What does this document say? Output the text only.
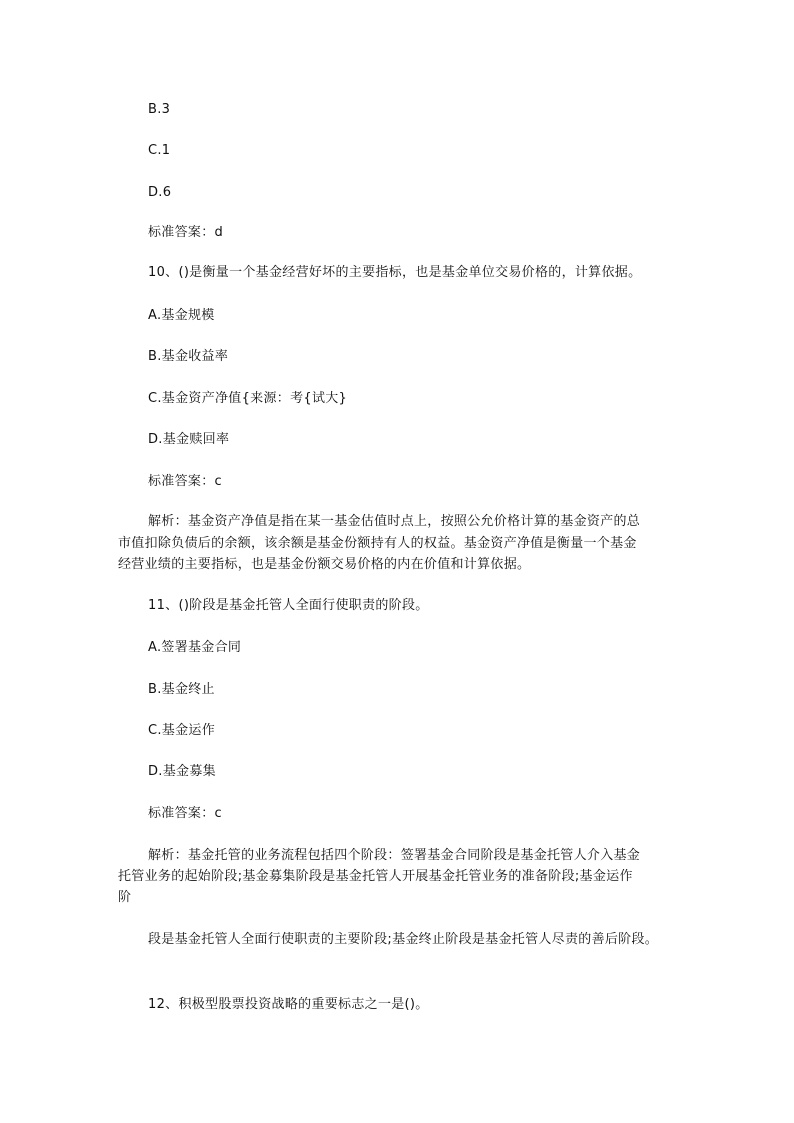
B.3
C.1
D.6
标准答案：d
10、()是衡量一个基金经营好坏的主要指标，也是基金单位交易价格的，计算依据。
A.基金规模
B.基金收益率
C.基金资产净值{来源：考{试大}
D.基金赎回率
标准答案：c
解析：基金资产净值是指在某一基金估值时点上，按照公允价格计算的基金资产的总
市值扣除负债后的余额，该余额是基金份额持有人的权益。基金资产净值是衡量一个基金
经营业绩的主要指标，也是基金份额交易价格的内在价值和计算依据。
11、()阶段是基金托管人全面行使职责的阶段。
A.签署基金合同
B.基金终止
C.基金运作
D.基金募集
标准答案：c
解析：基金托管的业务流程包括四个阶段：签署基金合同阶段是基金托管人介入基金
托管业务的起始阶段;基金募集阶段是基金托管人开展基金托管业务的准备阶段;基金运作
阶
段是基金托管人全面行使职责的主要阶段;基金终止阶段是基金托管人尽责的善后阶段。
12、积极型股票投资战略的重要标志之一是()。
